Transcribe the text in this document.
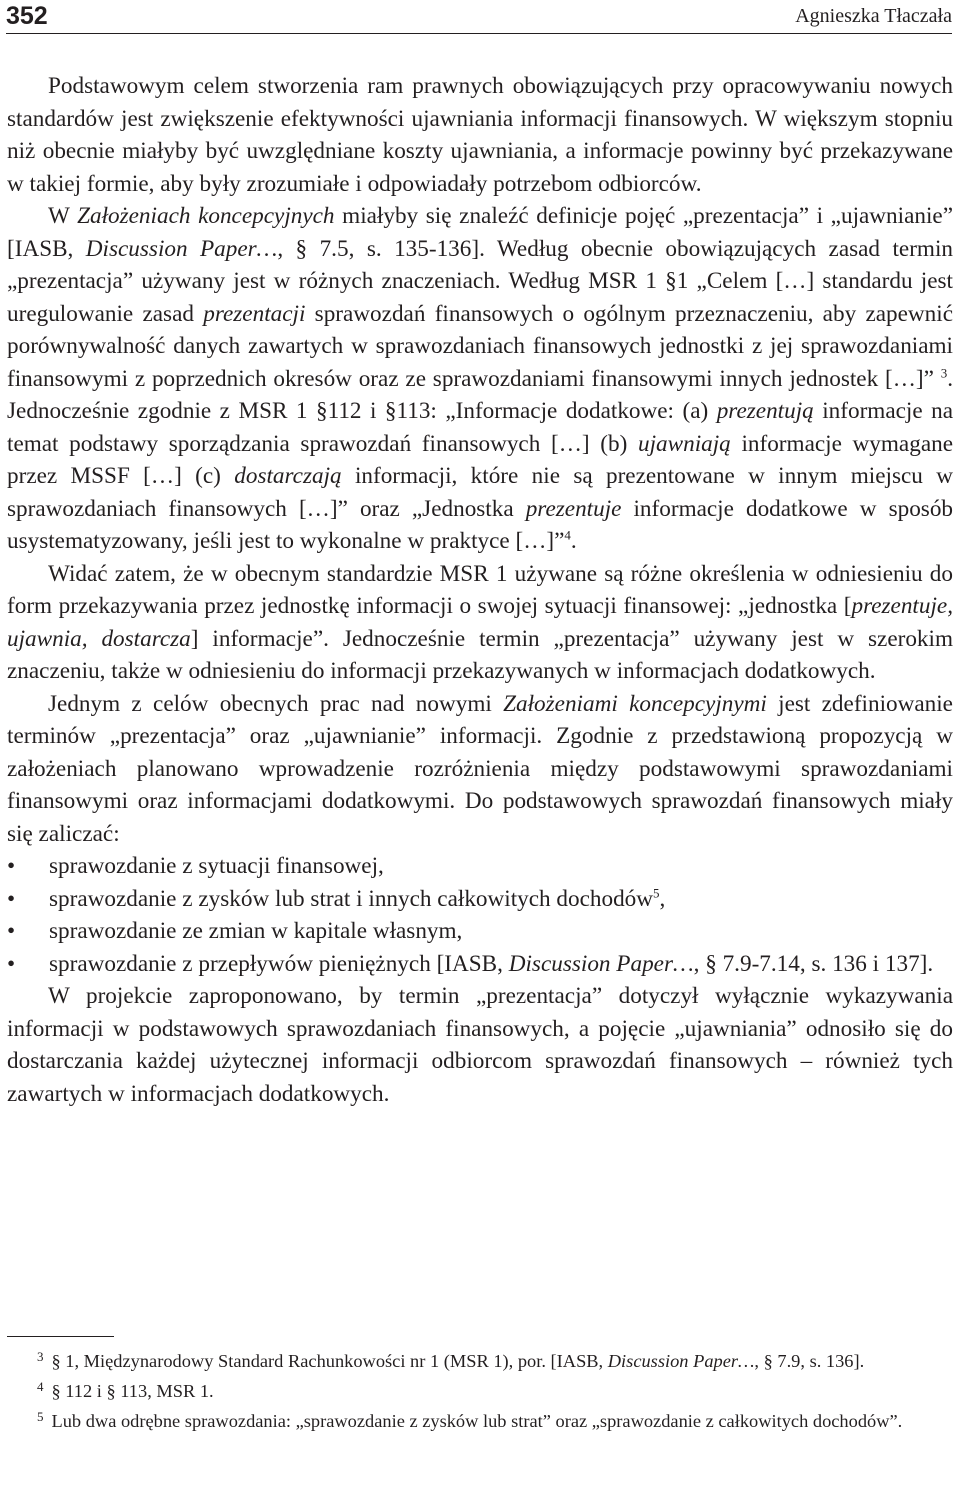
352	Agnieszka Tłaczała

Podstawowym celem stworzenia ram prawnych obowiązujących przy opracowywaniu nowych standardów jest zwiększenie efektywności ujawniania informacji finansowych. W większym stopniu niż obecnie miałyby być uwzględniane koszty ujawniania, a informacje powinny być przekazywane w takiej formie, aby były zrozumiałe i odpowiadały potrzebom odbiorców.

W Założeniach koncepcyjnych miałyby się znaleźć definicje pojęć „prezentacja” i „ujawnianie” [IASB, Discussion Paper…, § 7.5, s. 135-136]. Według obecnie obowiązujących zasad termin „prezentacja” używany jest w różnych znaczeniach. Według MSR 1 §1 „Celem […] standardu jest uregulowanie zasad prezentacji sprawozdań finansowych o ogólnym przeznaczeniu, aby zapewnić porównywalność danych zawartych w sprawozdaniach finansowych jednostki z jej sprawozdaniami finansowymi z poprzednich okresów oraz ze sprawozdaniami finansowymi innych jednostek […]” $^3$. Jednocześnie zgodnie z MSR 1 §112 i §113: „Informacje dodatkowe: (a) prezentują informacje na temat podstawy sporządzania sprawozdań finansowych […] (b) ujawniają informacje wymagane przez MSSF […] (c) dostarczają informacji, które nie są prezentowane w innym miejscu w sprawozdaniach finansowych […]” oraz „Jednostka prezentuje informacje dodatkowe w sposób usystematyzowany, jeśli jest to wykonalne w praktyce […]”$^4$.

Widać zatem, że w obecnym standardzie MSR 1 używane są różne określenia w odniesieniu do form przekazywania przez jednostkę informacji o swojej sytuacji finansowej: „jednostka [prezentuje, ujawnia, dostarcza] informacje”. Jednocześnie termin „prezentacja” używany jest w szerokim znaczeniu, także w odniesieniu do informacji przekazywanych w informacjach dodatkowych.

Jednym z celów obecnych prac nad nowymi Założeniami koncepcyjnymi jest zdefiniowanie terminów „prezentacja” oraz „ujawnianie” informacji. Zgodnie z przedstawioną propozycją w założeniach planowano wprowadzenie rozróżnienia między podstawowymi sprawozdaniami finansowymi oraz informacjami dodatkowymi. Do podstawowych sprawozdań finansowych miały się zaliczać:

• sprawozdanie z sytuacji finansowej,
• sprawozdanie z zysków lub strat i innych całkowitych dochodów$^5$,
• sprawozdanie ze zmian w kapitale własnym,
• sprawozdanie z przepływów pieniężnych [IASB, Discussion Paper…, § 7.9-7.14, s. 136 i 137].

W projekcie zaproponowano, by termin „prezentacja” dotyczył wyłącznie wykazywania informacji w podstawowych sprawozdaniach finansowych, a pojęcie „ujawniania” odnosiło się do dostarczania każdej użytecznej informacji odbiorcom sprawozdań finansowych – również tych zawartych w informacjach dodatkowych.

$^3$ § 1, Międzynarodowy Standard Rachunkowości nr 1 (MSR 1), por. [IASB, Discussion Paper…, § 7.9, s. 136].

$^4$ § 112 i § 113, MSR 1.

$^5$ Lub dwa odrębne sprawozdania: „sprawozdanie z zysków lub strat” oraz „sprawozdanie z całkowitych dochodów”.
